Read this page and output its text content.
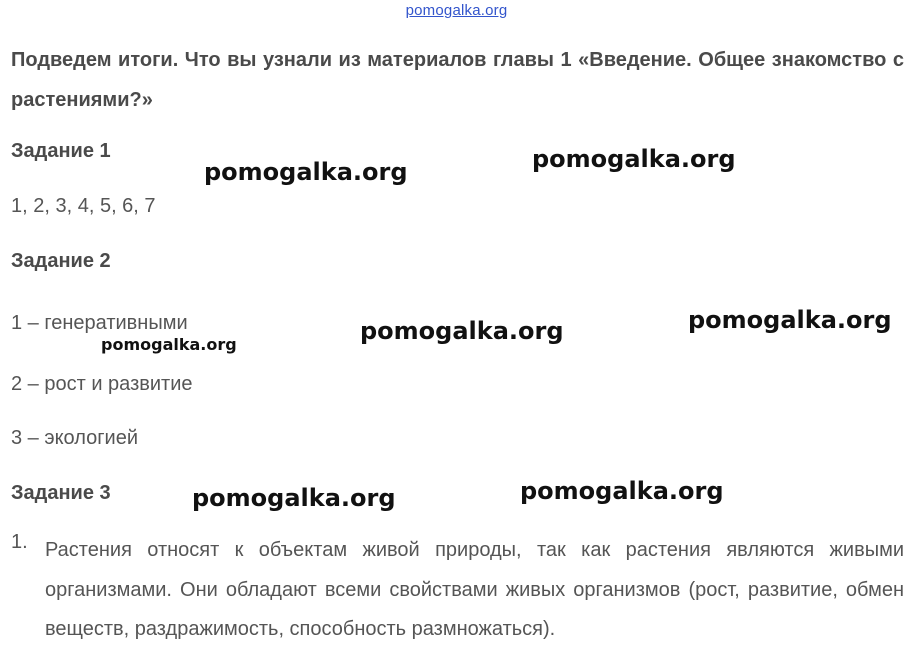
pomogalka.org
Подведем итоги. Что вы узнали из материалов главы 1 «Введение. Общее знакомство с растениями?»
Задание 1
1, 2, 3, 4, 5, 6, 7
Задание 2
1 – генеративными
2 – рост и развитие
3 – экологией
Задание 3
1. Растения относят к объектам живой природы, так как растения являются живыми организмами. Они обладают всеми свойствами живых организмов (рост, развитие, обмен веществ, раздражимость, способность размножаться).
pomogalka.org	pomogalka.org
pomogalka.org	pomogalka.org
pomogalka.org
pomogalka.org	pomogalka.org
